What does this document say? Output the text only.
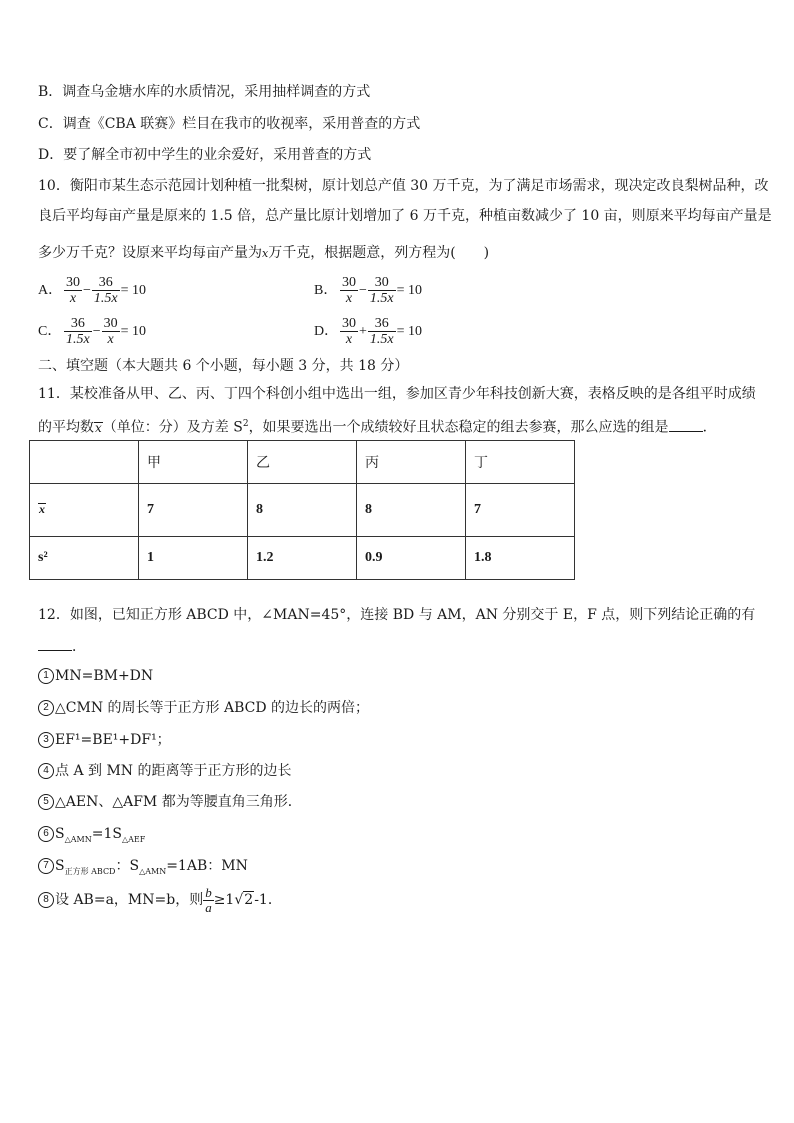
B．调查乌金塘水库的水质情况，采用抽样调查的方式
C．调查《CBA 联赛》栏目在我市的收视率，采用普查的方式
D．要了解全市初中学生的业余爱好，采用普查的方式
10．衡阳市某生态示范园计划种植一批梨树，原计划总产值 30 万千克，为了满足市场需求，现决定改良梨树品种，改
良后平均每亩产量是原来的 1.5 倍，总产量比原计划增加了 6 万千克，种植亩数减少了 10 亩，则原来平均每亩产量是
多少万千克？设原来平均每亩产量为x万千克，根据题意，列方程为(　　)
A． $\frac{30}{x} - \frac{36}{1.5x} = 10$	B． $\frac{30}{x} - \frac{30}{1.5x} = 10$
C． $\frac{36}{1.5x} - \frac{30}{x} = 10$	D． $\frac{30}{x} + \frac{36}{1.5x} = 10$
二、填空题（本大题共 6 个小题，每小题 3 分，共 18 分）
11．某校准备从甲、乙、丙、丁四个科创小组中选出一组，参加区青少年科技创新大赛，表格反映的是各组平时成绩
的平均数x（单位：分）及方差 $S^2$，如果要选出一个成绩较好且状态稳定的组去参赛，那么应选的组是 ．
	甲	乙	丙	丁
x	7	8	8	7
s²	1	1.2	0.9	1.8
12．如图，已知正方形 ABCD 中，∠MAN=45°，连接 BD 与 AM，AN 分别交于 E，F 点，则下列结论正确的有
．
1 MN=BM+DN
2 △CMN 的周长等于正方形 ABCD 的边长的两倍；
3 EF¹=BE¹+DF¹；
4 点 A 到 MN 的距离等于正方形的边长
5 △AEN、△AFM 都为等腰直角三角形．
6 $S_{\triangle AMN}=1S_{\triangle AEF}$
7 $S_{正方形 ABCD}$：$S_{\triangle AMN}=1AB$：MN
8 设 AB=a，MN=b，则 $\frac{b}{a} \ge 1√2-1$．
